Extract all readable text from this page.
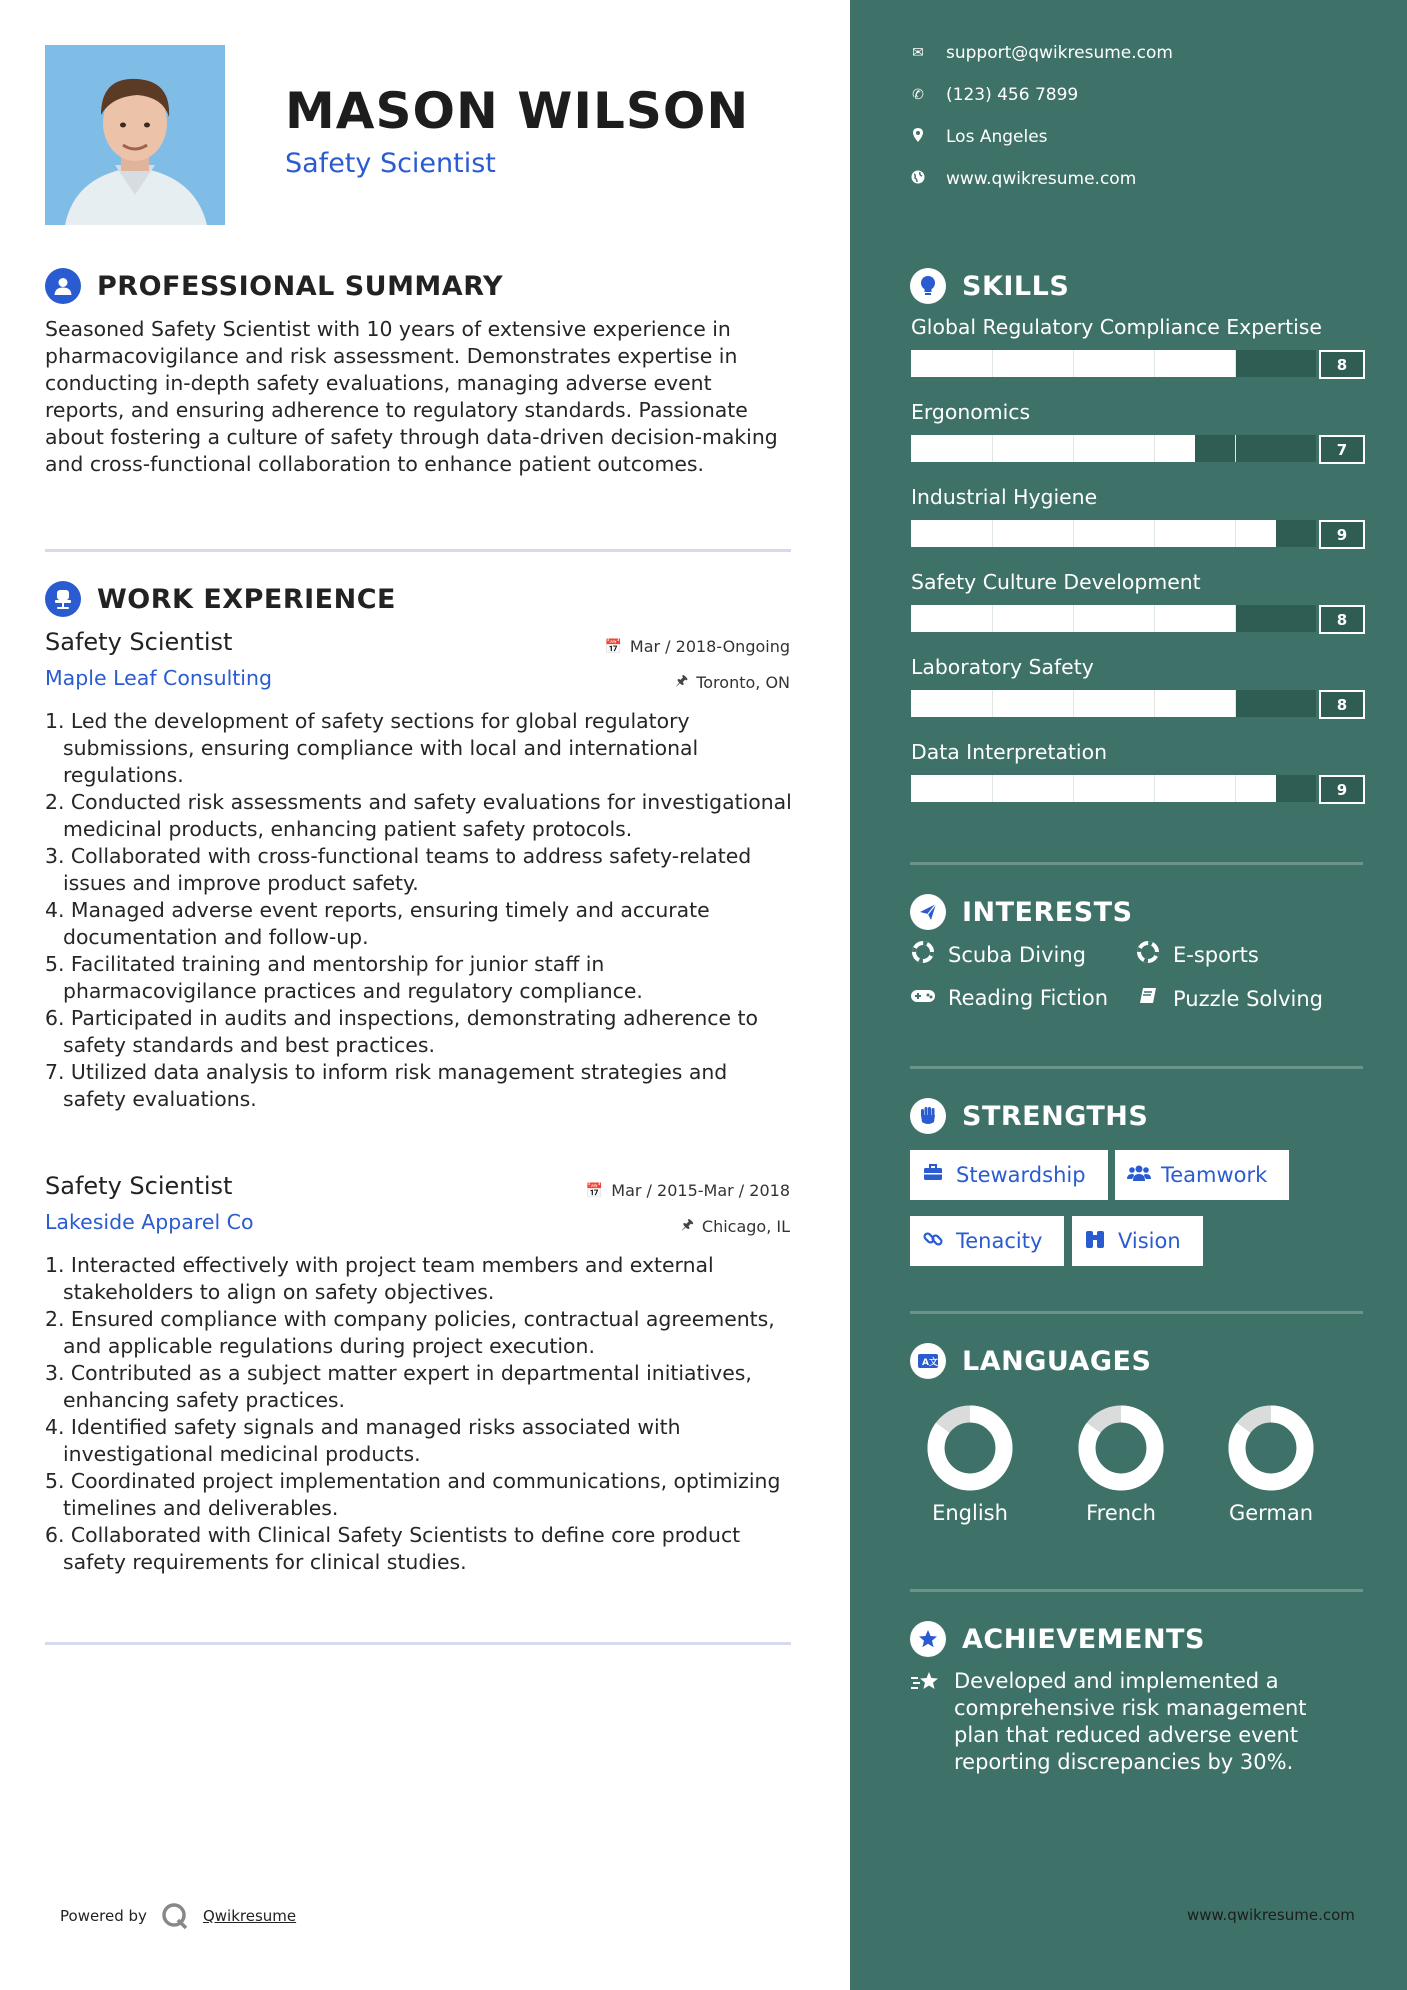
MASON WILSON
Safety Scientist
PROFESSIONAL SUMMARY
Seasoned Safety Scientist with 10 years of extensive experience in pharmacovigilance and risk assessment. Demonstrates expertise in conducting in-depth safety evaluations, managing adverse event reports, and ensuring adherence to regulatory standards. Passionate about fostering a culture of safety through data-driven decision-making and cross-functional collaboration to enhance patient outcomes.
WORK EXPERIENCE
Safety Scientist	📅 Mar / 2018-Ongoing
Maple Leaf Consulting	🖈 Toronto, ON
1. Led the development of safety sections for global regulatory submissions, ensuring compliance with local and international regulations.
2. Conducted risk assessments and safety evaluations for investigational medicinal products, enhancing patient safety protocols.
3. Collaborated with cross-functional teams to address safety-related issues and improve product safety.
4. Managed adverse event reports, ensuring timely and accurate documentation and follow-up.
5. Facilitated training and mentorship for junior staff in pharmacovigilance practices and regulatory compliance.
6. Participated in audits and inspections, demonstrating adherence to safety standards and best practices.
7. Utilized data analysis to inform risk management strategies and safety evaluations.
Safety Scientist	📅 Mar / 2015-Mar / 2018
Lakeside Apparel Co	🖈 Chicago, IL
1. Interacted effectively with project team members and external stakeholders to align on safety objectives.
2. Ensured compliance with company policies, contractual agreements, and applicable regulations during project execution.
3. Contributed as a subject matter expert in departmental initiatives, enhancing safety practices.
4. Identified safety signals and managed risks associated with investigational medicinal products.
5. Coordinated project implementation and communications, optimizing timelines and deliverables.
6. Collaborated with Clinical Safety Scientists to define core product safety requirements for clinical studies.
Powered by	Qwikresume
✉ support@qwikresume.com
✆ (123) 456 7899
Los Angeles
www.qwikresume.com
SKILLS
Global Regulatory Compliance Expertise
8
Ergonomics
7
Industrial Hygiene
9
Safety Culture Development
8
Laboratory Safety
8
Data Interpretation
9
INTERESTS
Scuba Diving	E-sports
Reading Fiction	Puzzle Solving
STRENGTHS
Stewardship	Teamwork
Tenacity	Vision
A 文 LANGUAGES
English	French	German
ACHIEVEMENTS
Developed and implemented a comprehensive risk management plan that reduced adverse event reporting discrepancies by 30%.
www.qwikresume.com
